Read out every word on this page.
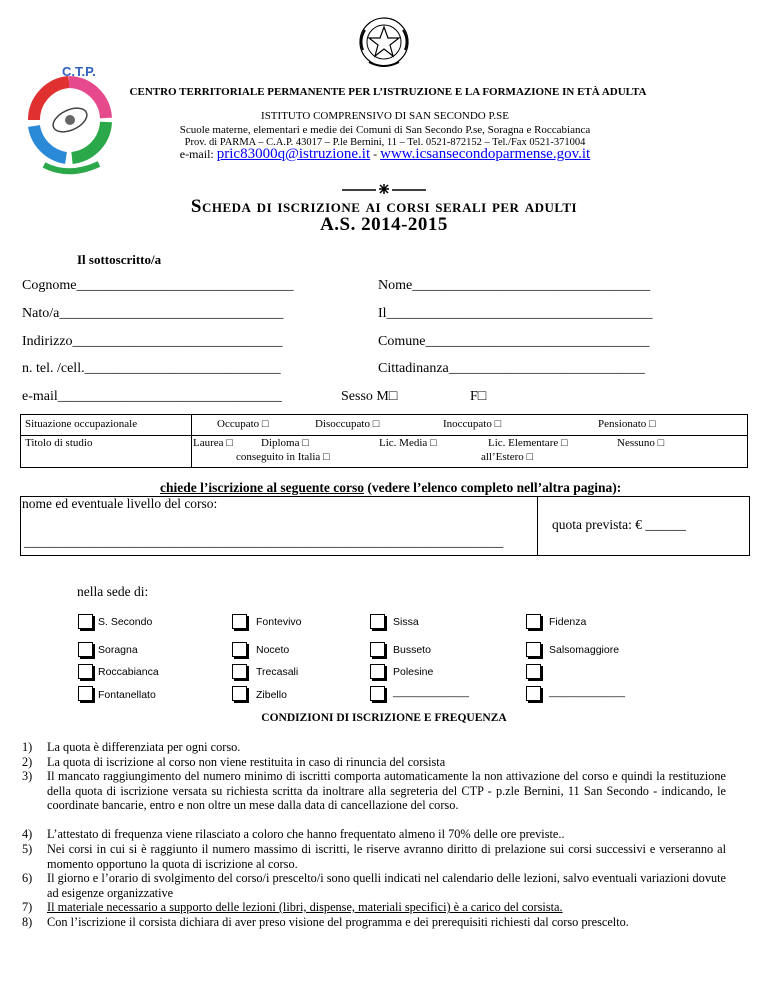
C.T.P.
CENTRO TERRITORIALE PERMANENTE PER L’ISTRUZIONE E LA FORMAZIONE IN ETÀ ADULTA
ISTITUTO COMPRENSIVO DI SAN SECONDO P.SE
Scuole materne, elementari e medie dei Comuni di San Secondo P.se, Soragna e Roccabianca
Prov. di PARMA – C.A.P. 43017 – P.le Bernini, 11 – Tel. 0521-872152 – Tel./Fax 0521-371004
e-mail: pric83000q@istruzione.it - www.icsansecondoparmense.gov.it
Scheda di iscrizione ai corsi serali per adulti
A.S. 2014-2015
Il sottoscritto/a
Cognome_______________________________	Nome__________________________________
Nato/a________________________________	Il______________________________________
Indirizzo______________________________	Comune________________________________
n. tel. /cell.____________________________	Cittadinanza____________________________
e-mail________________________________	Sesso M□	F□
Situazione occupazionale	Occupato □	Disoccupato □	Inoccupato □	Pensionato □
Titolo di studio	Laurea □	Diploma □	Lic. Media □	Lic. Elementare □	Nessuno □
conseguito in Italia □	all’Estero □
chiede l’iscrizione al seguente corso (vedere l’elenco completo nell’altra pagina):
nome ed eventuale livello del corso:
quota prevista: € ______
_______________________________________________________________________
nella sede di:
S. Secondo	Fontevivo	Sissa	Fidenza
Soragna	Noceto	Busseto	Salsomaggiore
Roccabianca	Trecasali	Polesine
Fontanellato	Zibello	_____________	_____________
CONDIZIONI DI ISCRIZIONE E FREQUENZA
1) La quota è differenziata per ogni corso.
2) La quota di iscrizione al corso non viene restituita in caso di rinuncia del corsista
3) Il mancato raggiungimento del numero minimo di iscritti comporta automaticamente la non attivazione del corso e quindi la restituzione della quota di iscrizione versata su richiesta scritta da inoltrare alla segreteria del CTP - p.zle Bernini, 11 San Secondo - indicando, le coordinate bancarie, entro e non oltre un mese dalla data di cancellazione del corso.
4) L’attestato di frequenza viene rilasciato a coloro che hanno frequentato almeno il 70% delle ore previste..
5) Nei corsi in cui si è raggiunto il numero massimo di iscritti, le riserve avranno diritto di prelazione sui corsi successivi e verseranno al momento opportuno la quota di iscrizione al corso.
6) Il giorno e l’orario di svolgimento del corso/i prescelto/i sono quelli indicati nel calendario delle lezioni, salvo eventuali variazioni dovute ad esigenze organizzative
7) Il materiale necessario a supporto delle lezioni (libri, dispense, materiali specifici) è a carico del corsista.
8) Con l’iscrizione il corsista dichiara di aver preso visione del programma e dei prerequisiti richiesti dal corso prescelto.
